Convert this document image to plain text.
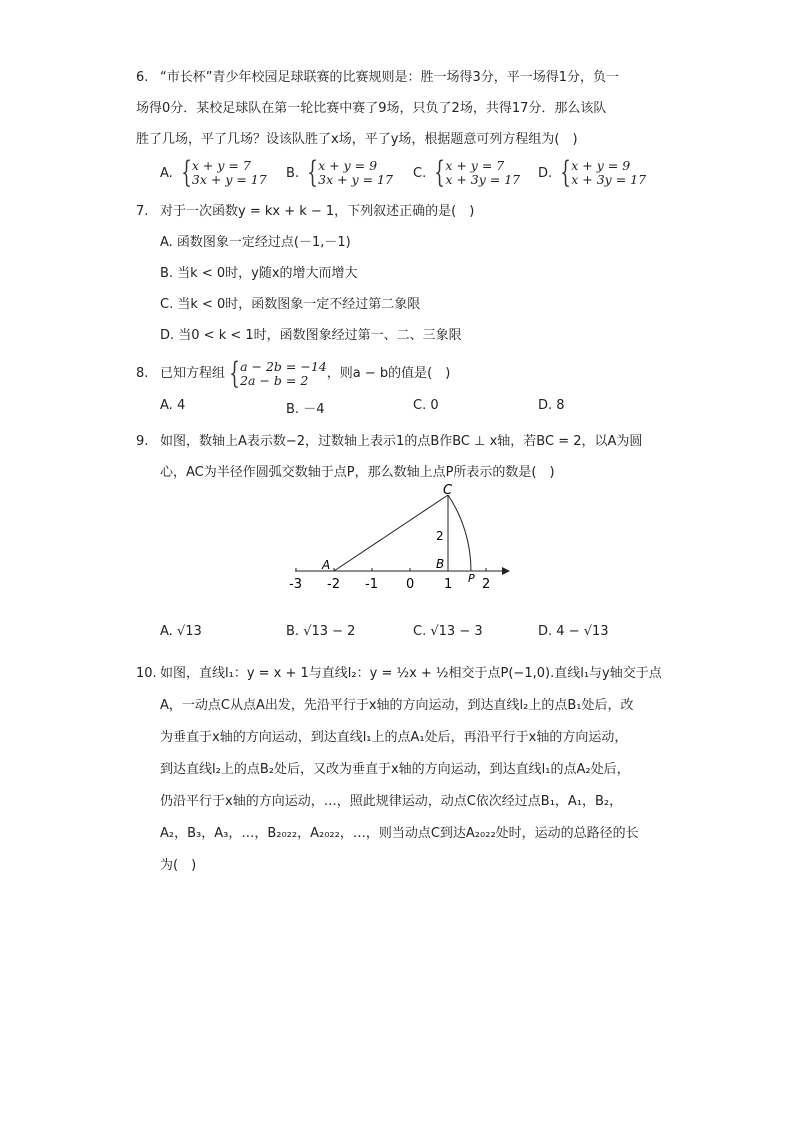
6. “市长杯”青少年校园足球联赛的比赛规则是：胜一场得3分，平一场得1分，负一
场得0分．某校足球队在第一轮比赛中赛了9场，只负了2场，共得17分．那么该队
胜了几场，平了几场？设该队胜了x场，平了y场，根据题意可列方程组为(　)
A. { x + y = 7
3x + y = 17 B. { x + y = 9
3x + y = 17 C. { x + y = 7
x + 3y = 17 D. { x + y = 9
x + 3y = 17
7. 对于一次函数y = kx + k − 1，下列叙述正确的是(　)
A. 函数图象一定经过点(－1,－1)
B. 当k < 0时，y随x的增大而增大
C. 当k < 0时，函数图象一定不经过第二象限
D. 当0 < k < 1时，函数图象经过第一、二、三象限
8. 已知方程组 { a − 2b = −14
2a − b = 2	，则a − b的值是(　)
A. 4	B. －4	C. 0	D. 8
9. 如图，数轴上A表示数−2，过数轴上表示1的点B作BC ⊥ x轴，若BC = 2，以A为圆
心，AC为半径作圆弧交数轴于点P，那么数轴上点P所表示的数是(　)
C
A	B
P
2
-3 -2 -1 0 1 2
A. √13	B. √13 − 2	C. √13 − 3	D. 4 − √13
10. 如图，直线l₁：y = x + 1与直线l₂：y = ½x + ½相交于点P(−1,0).直线l₁与y轴交于点
A，一动点C从点A出发，先沿平行于x轴的方向运动，到达直线l₂上的点B₁处后，改
为垂直于x轴的方向运动，到达直线l₁上的点A₁处后，再沿平行于x轴的方向运动，
到达直线l₂上的点B₂处后，又改为垂直于x轴的方向运动，到达直线l₁的点A₂处后，
仍沿平行于x轴的方向运动，…，照此规律运动，动点C依次经过点B₁，A₁，B₂，
A₂，B₃，A₃，…，B₂₀₂₂，A₂₀₂₂，…，则当动点C到达A₂₀₂₂处时，运动的总路径的长
为(　)
